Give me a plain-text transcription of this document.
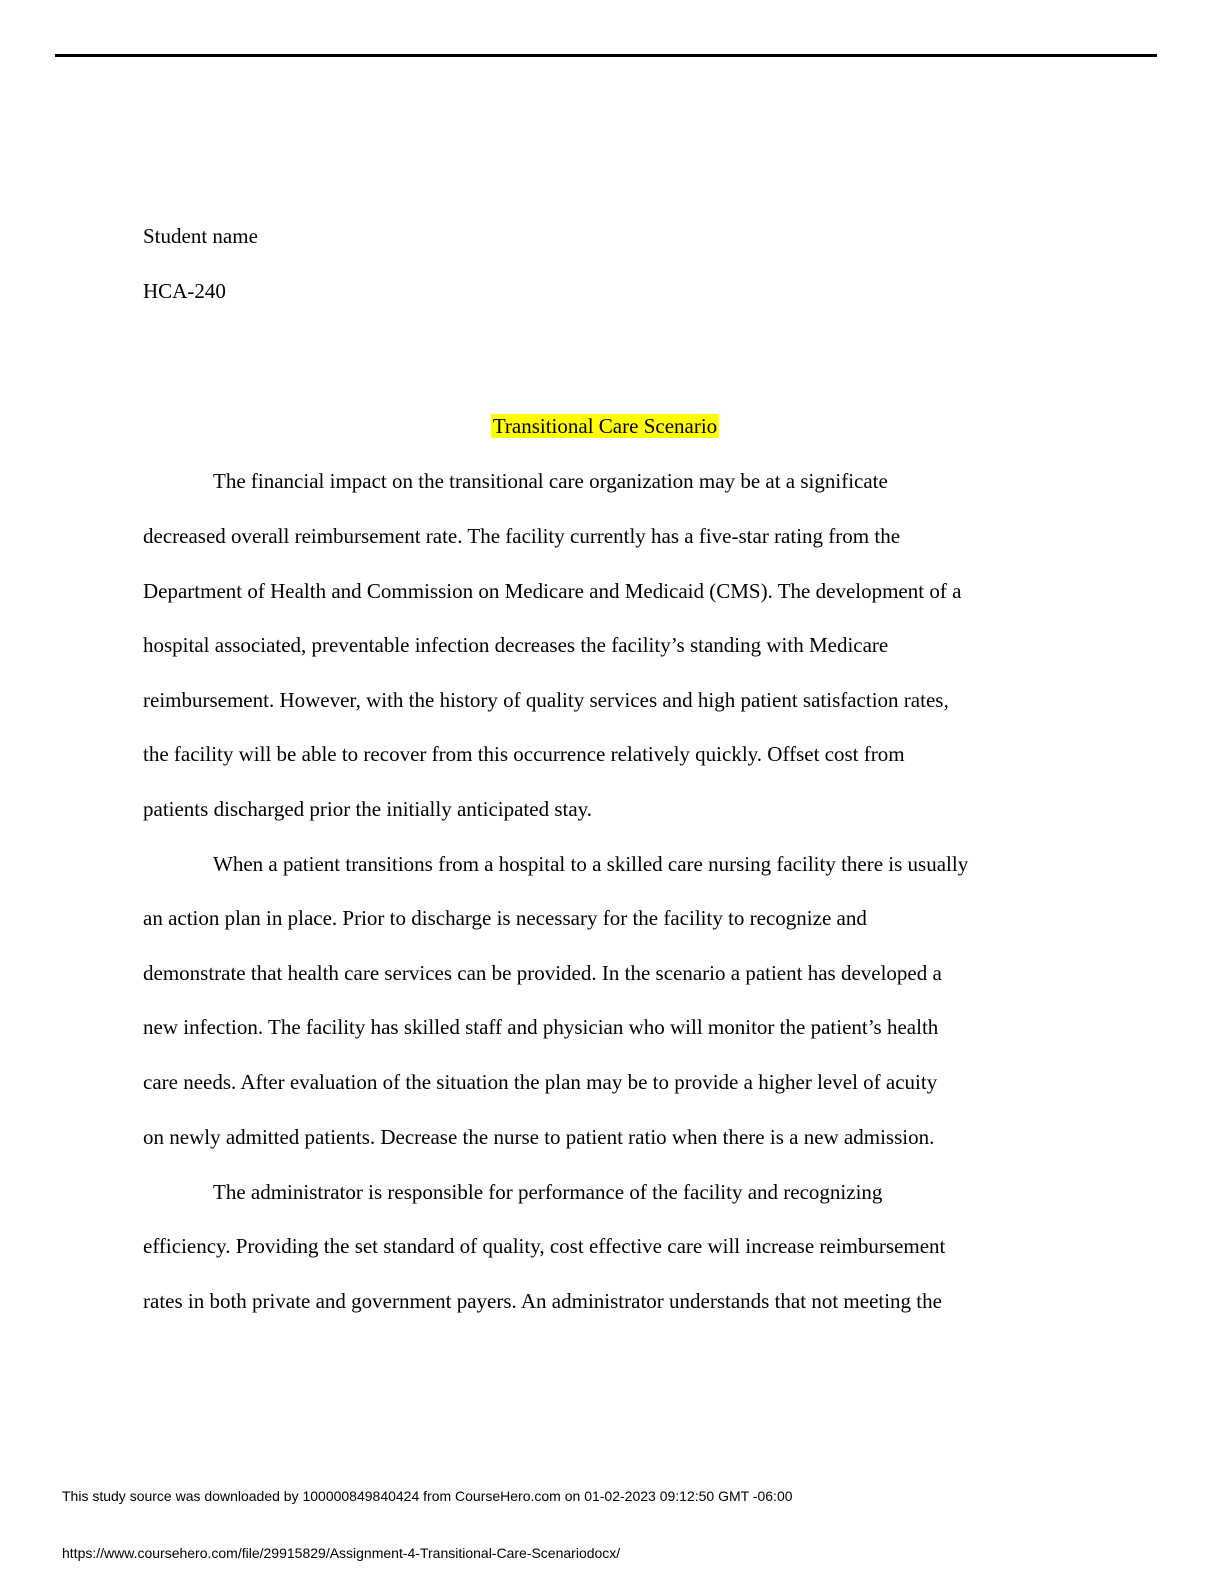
Student name
HCA-240
Transitional Care Scenario
The financial impact on the transitional care organization may be at a significate
decreased overall reimbursement rate. The facility currently has a five-star rating from the
Department of Health and Commission on Medicare and Medicaid (CMS). The development of a
hospital associated, preventable infection decreases the facility’s standing with Medicare
reimbursement. However, with the history of quality services and high patient satisfaction rates,
the facility will be able to recover from this occurrence relatively quickly. Offset cost from
patients discharged prior the initially anticipated stay.
When a patient transitions from a hospital to a skilled care nursing facility there is usually
an action plan in place. Prior to discharge is necessary for the facility to recognize and
demonstrate that health care services can be provided. In the scenario a patient has developed a
new infection. The facility has skilled staff and physician who will monitor the patient’s health
care needs. After evaluation of the situation the plan may be to provide a higher level of acuity
on newly admitted patients. Decrease the nurse to patient ratio when there is a new admission.
The administrator is responsible for performance of the facility and recognizing
efficiency. Providing the set standard of quality, cost effective care will increase reimbursement
rates in both private and government payers. An administrator understands that not meeting the
This study source was downloaded by 100000849840424 from CourseHero.com on 01-02-2023 09:12:50 GMT -06:00
https://www.coursehero.com/file/29915829/Assignment-4-Transitional-Care-Scenariodocx/
